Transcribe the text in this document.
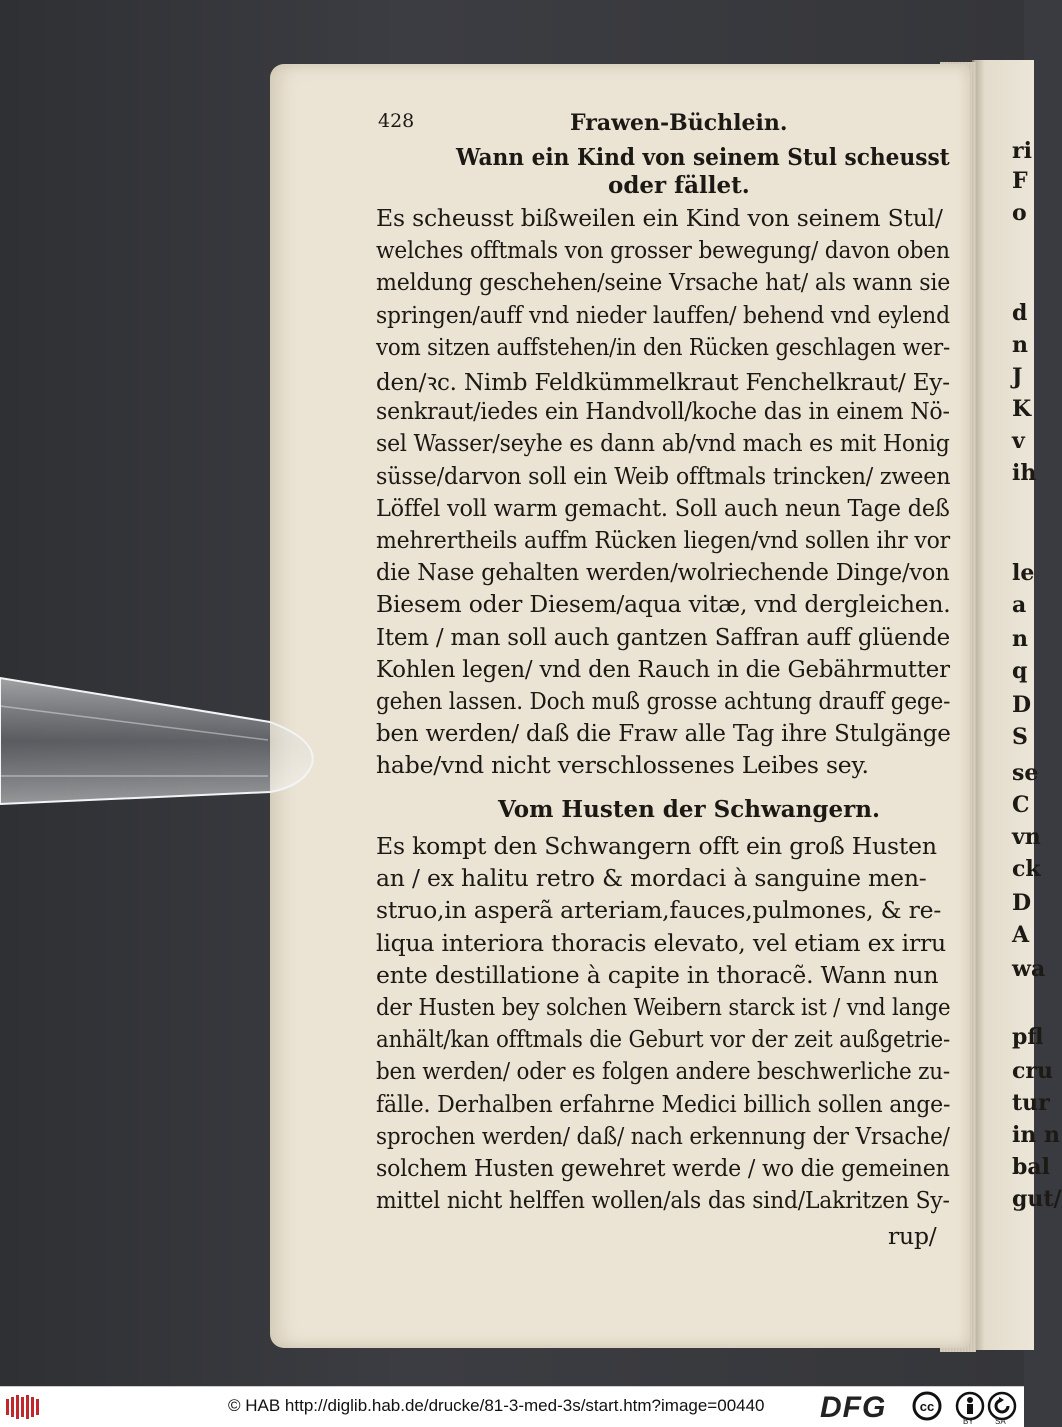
ri
F
o
d
n
J
K
v
ih
le
a
n
q
D
S
se
C
vn
ck
D
A
wa
pfl
cru
tur
in n
bal
gut/
428	Frawen-Büchlein.
Wann ein Kind von seinem Stul scheusst
oder fället.
Es scheusst bißweilen ein Kind von seinem Stul/
welches offtmals von grosser bewegung/ davon oben
meldung geschehen/seine Vrsache hat/ als wann sie
springen/auff vnd nieder lauffen/ behend vnd eylend
vom sitzen auffstehen/in den Rücken geschlagen wer-
den/ꝛc. Nimb Feldkümmelkraut Fenchelkraut/ Ey-
senkraut/iedes ein Handvoll/koche das in einem Nö-
sel Wasser/seyhe es dann ab/vnd mach es mit Honig
süsse/darvon soll ein Weib offtmals trincken/ zween
Löffel voll warm gemacht. Soll auch neun Tage deß
mehrertheils auffm Rücken liegen/vnd sollen ihr vor
die Nase gehalten werden/wolriechende Dinge/von
Biesem oder Diesem/aqua vitæ, vnd dergleichen.
Item / man soll auch gantzen Saffran auff glüende
Kohlen legen/ vnd den Rauch in die Gebährmutter
gehen lassen. Doch muß grosse achtung drauff gege-
ben werden/ daß die Fraw alle Tag ihre Stulgänge
habe/vnd nicht verschlossenes Leibes sey.
Vom Husten der Schwangern.
Es kompt den Schwangern offt ein groß Husten
an / ex halitu retro & mordaci à sanguine men-
struo,in asperã arteriam,fauces,pulmones, & re-
liqua interiora thoracis elevato, vel etiam ex irru
ente destillatione à capite in thoracẽ. Wann nun
der Husten bey solchen Weibern starck ist / vnd lange
anhält/kan offtmals die Geburt vor der zeit außgetrie-
ben werden/ oder es folgen andere beschwerliche zu-
fälle. Derhalben erfahrne Medici billich sollen ange-
sprochen werden/ daß/ nach erkennung der Vrsache/
solchem Husten gewehret werde / wo die gemeinen
mittel nicht helffen wollen/als das sind/Lakritzen Sy-
rup/
© HAB http://diglib.hab.de/drucke/81-3-med-3s/start.htm?image=00440 DFG	cc
BY	SA
